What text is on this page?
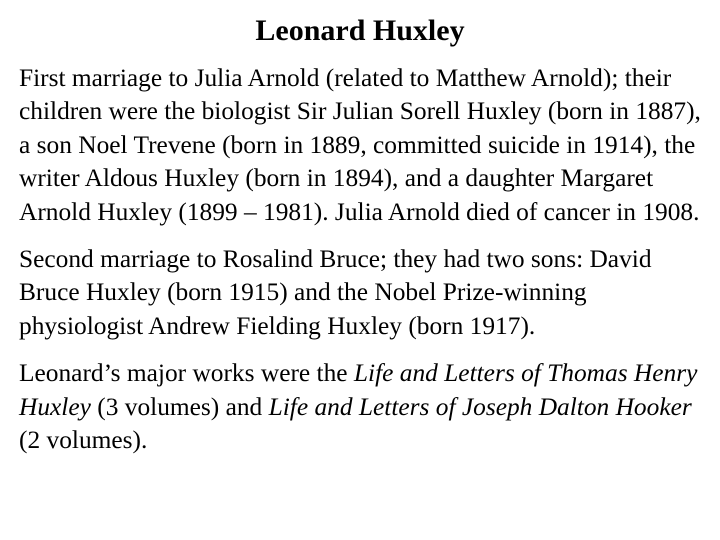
Leonard Huxley

First marriage to Julia Arnold (related to Matthew Arnold); their children were the biologist Sir Julian Sorell Huxley (born in 1887), a son Noel Trevene (born in 1889, committed suicide in 1914), the writer Aldous Huxley (born in 1894), and a daughter Margaret Arnold Huxley (1899 – 1981). Julia Arnold died of cancer in 1908.

Second marriage to Rosalind Bruce; they had two sons: David Bruce Huxley (born 1915) and the Nobel Prize-winning physiologist Andrew Fielding Huxley (born 1917).

Leonard’s major works were the Life and Letters of Thomas Henry Huxley (3 volumes) and Life and Letters of Joseph Dalton Hooker (2 volumes).
